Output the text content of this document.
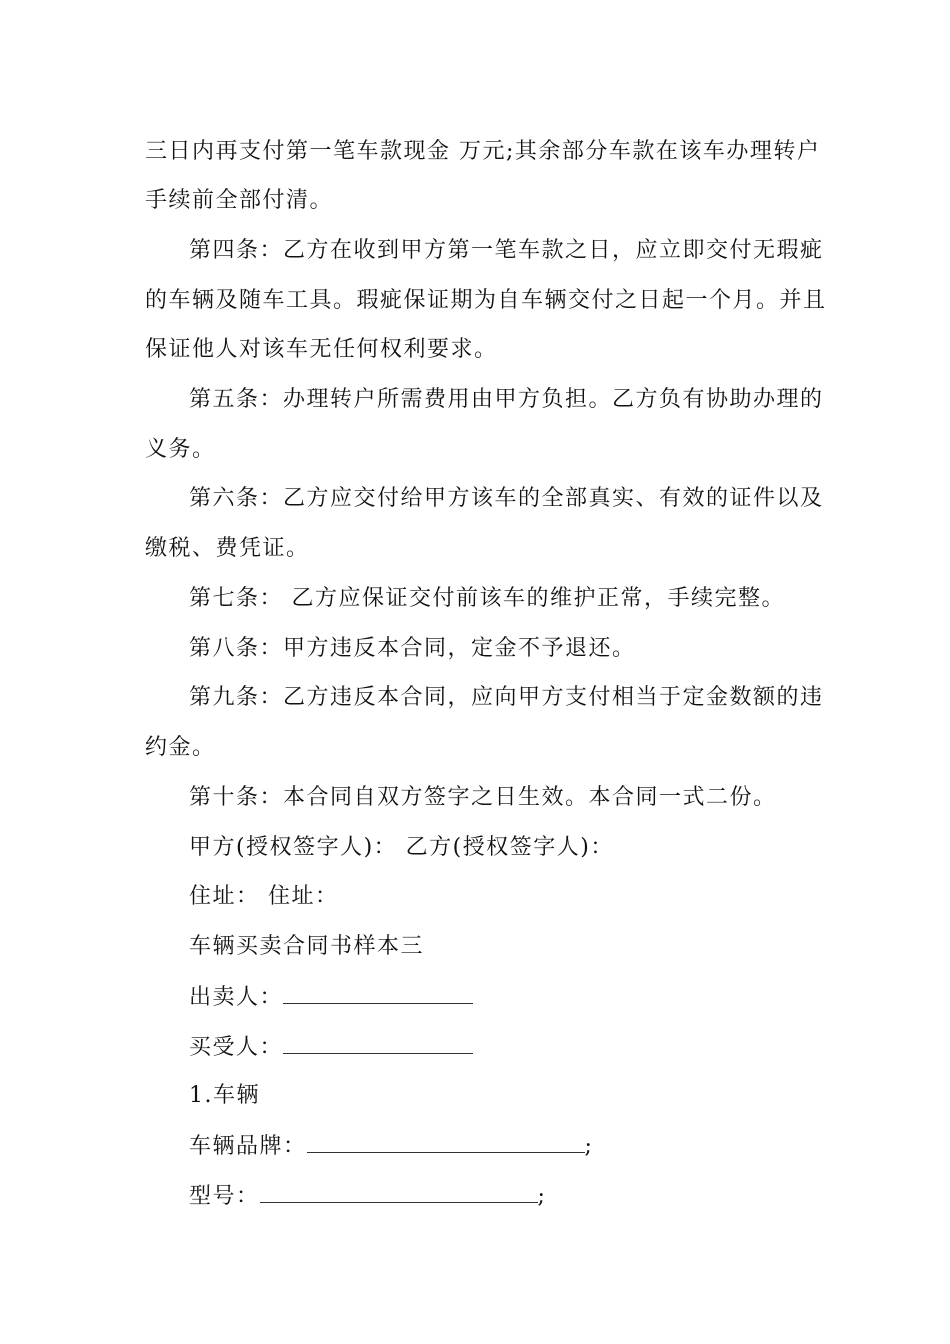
三日内再支付第一笔车款现金 万元;其余部分车款在该车办理转户
手续前全部付清。
第四条：乙方在收到甲方第一笔车款之日，应立即交付无瑕疵
的车辆及随车工具。瑕疵保证期为自车辆交付之日起一个月。并且
保证他人对该车无任何权利要求。
第五条：办理转户所需费用由甲方负担。乙方负有协助办理的
义务。
第六条：乙方应交付给甲方该车的全部真实、有效的证件以及
缴税、费凭证。
第七条： 乙方应保证交付前该车的维护正常，手续完整。
第八条：甲方违反本合同，定金不予退还。
第九条：乙方违反本合同，应向甲方支付相当于定金数额的违
约金。
第十条：本合同自双方签字之日生效。本合同一式二份。
甲方(授权签字人)： 乙方(授权签字人)：
住址： 住址：
车辆买卖合同书样本三
出卖人：
买受人：
1.车辆
车辆品牌：	;
型号：	;
